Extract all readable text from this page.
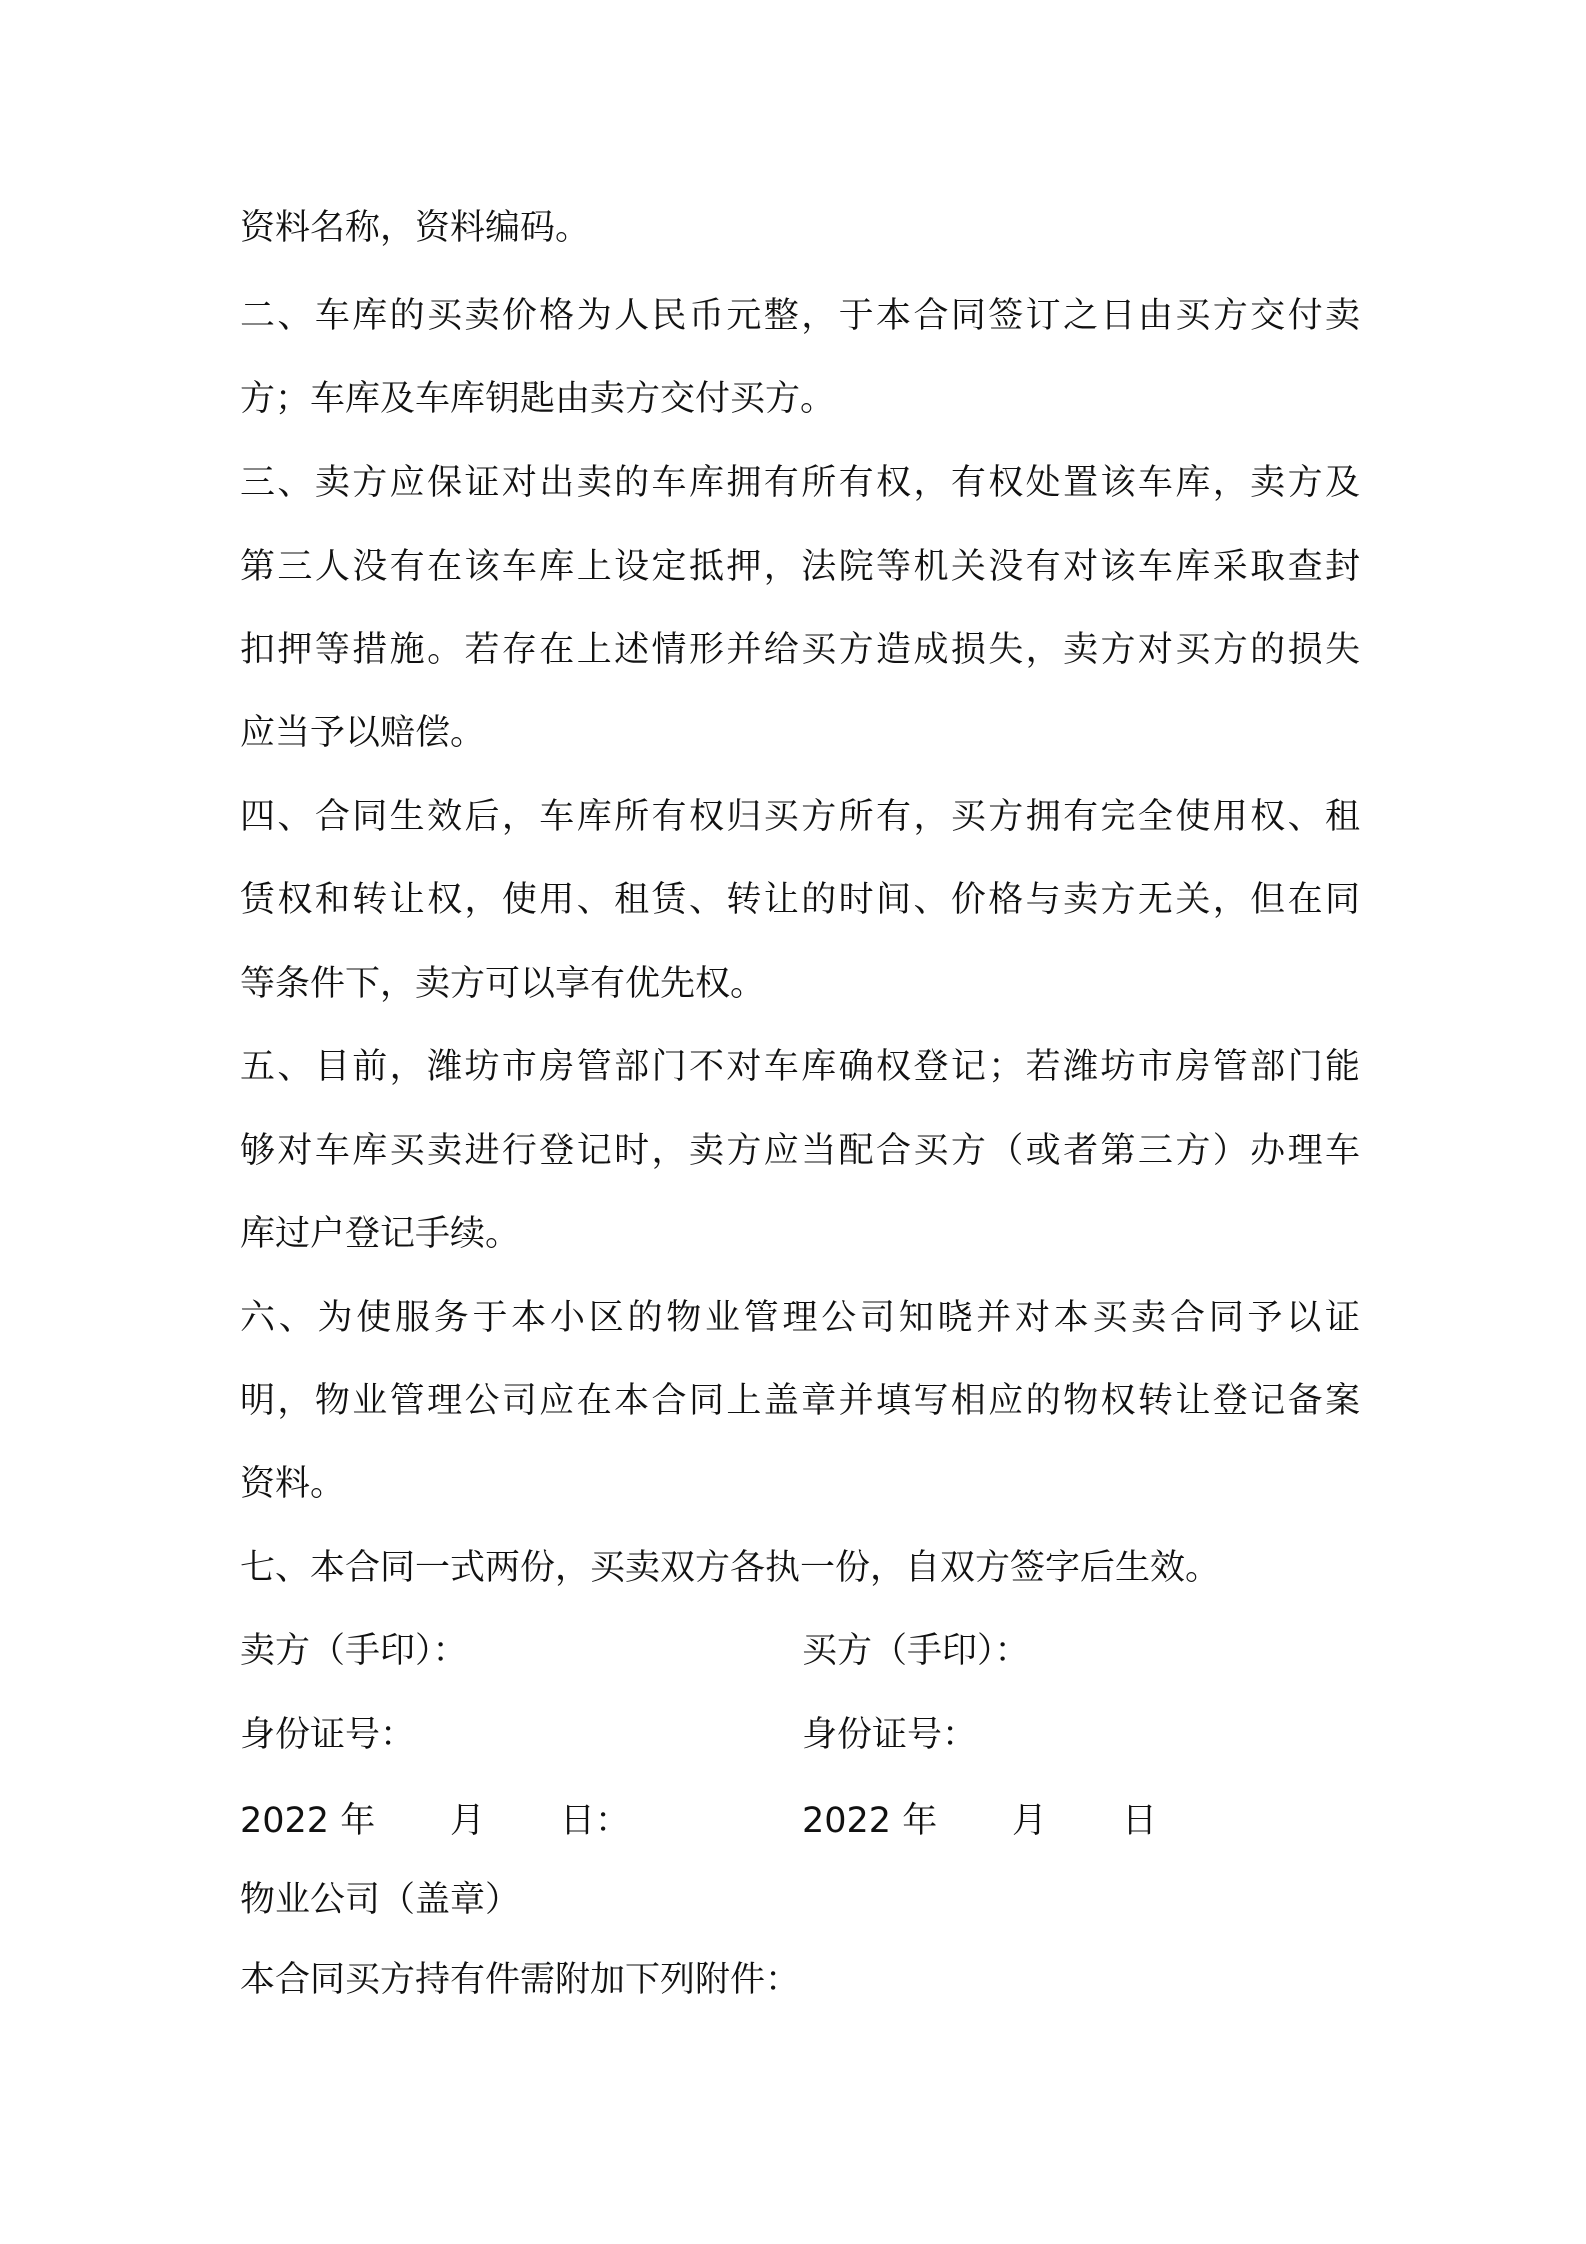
资料名称，资料编码。
二、车库的买卖价格为人民币元整，于本合同签订之日由买方交付卖
方；车库及车库钥匙由卖方交付买方。
三、卖方应保证对出卖的车库拥有所有权，有权处置该车库，卖方及
第三人没有在该车库上设定抵押，法院等机关没有对该车库采取查封
扣押等措施。若存在上述情形并给买方造成损失，卖方对买方的损失
应当予以赔偿。
四、合同生效后，车库所有权归买方所有，买方拥有完全使用权、租
赁权和转让权，使用、租赁、转让的时间、价格与卖方无关，但在同
等条件下，卖方可以享有优先权。
五、目前，潍坊市房管部门不对车库确权登记；若潍坊市房管部门能
够对车库买卖进行登记时，卖方应当配合买方（或者第三方）办理车
库过户登记手续。
六、为使服务于本小区的物业管理公司知晓并对本买卖合同予以证
明，物业管理公司应在本合同上盖章并填写相应的物权转让登记备案
资料。
七、本合同一式两份，买卖双方各执一份，自双方签字后生效。
卖方（手印）：	买方（手印）：
身份证号：	身份证号：
2022 年 月 日：	2022 年 月 日
物业公司（盖章）
本合同买方持有件需附加下列附件：
